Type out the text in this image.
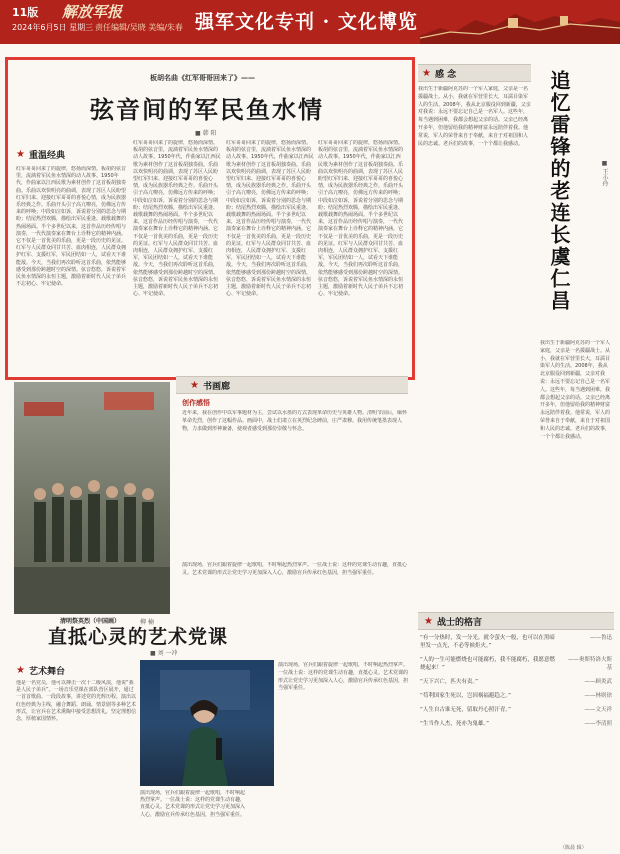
11版 解放军报
2024年6月5日 星期三 责任编辑/吴晓 美编/朱春 强军文化专刊 · 文化博览
板胡名曲《红军哥哥回来了》——
弦音间的军民鱼水情
■ 韩 阳
★ 重温经典
红军哥哥回来了的旋律，悠扬而深情。板胡的弦音里，流淌着军民鱼水情深的动人故事。1950年代，作曲家以江西民歌为素材创作了这首板胡独奏曲。乐曲以欢快明亮的曲调，表现了苏区人民盼望红军归来、迎接红军哥哥的喜悦心情，成为民族器乐经典之作。乐曲开头引子高亢嘹亮，仿佛远方传来的呼唤；中段如泣如诉，诉说着分别的思念与期盼；结尾热烈欢腾，描绘出军民重逢、载歌载舞的热闹场面。半个多世纪以来，这首作品历经传唱与演奏，一代代演奏家在舞台上诠释它的精神内涵。它不仅是一首优美的乐曲，更是一段历史的见证。红军与人民群众同甘共苦、血肉相连，人民群众拥护红军、支援红军，军民团结如一人，试看天下谁能敌。今天，当我们再次聆听这首乐曲，依然能够感受到那份跨越时空的深情。弦音悠悠，诉说着军民鱼水情深的永恒主题，激励着新时代人民子弟兵不忘初心、牢记使命。
红军哥哥回来了的旋律，悠扬而深情。板胡的弦音里，流淌着军民鱼水情深的动人故事。1950年代，作曲家以江西民歌为素材创作了这首板胡独奏曲。乐曲以欢快明亮的曲调，表现了苏区人民盼望红军归来、迎接红军哥哥的喜悦心情，成为民族器乐经典之作。乐曲开头引子高亢嘹亮，仿佛远方传来的呼唤；中段如泣如诉，诉说着分别的思念与期盼；结尾热烈欢腾，描绘出军民重逢、载歌载舞的热闹场面。半个多世纪以来，这首作品历经传唱与演奏，一代代演奏家在舞台上诠释它的精神内涵。它不仅是一首优美的乐曲，更是一段历史的见证。红军与人民群众同甘共苦、血肉相连，人民群众拥护红军、支援红军，军民团结如一人，试看天下谁能敌。今天，当我们再次聆听这首乐曲，依然能够感受到那份跨越时空的深情。弦音悠悠，诉说着军民鱼水情深的永恒主题，激励着新时代人民子弟兵不忘初心、牢记使命。
红军哥哥回来了的旋律，悠扬而深情。板胡的弦音里，流淌着军民鱼水情深的动人故事。1950年代，作曲家以江西民歌为素材创作了这首板胡独奏曲。乐曲以欢快明亮的曲调，表现了苏区人民盼望红军归来、迎接红军哥哥的喜悦心情，成为民族器乐经典之作。乐曲开头引子高亢嘹亮，仿佛远方传来的呼唤；中段如泣如诉，诉说着分别的思念与期盼；结尾热烈欢腾，描绘出军民重逢、载歌载舞的热闹场面。半个多世纪以来，这首作品历经传唱与演奏，一代代演奏家在舞台上诠释它的精神内涵。它不仅是一首优美的乐曲，更是一段历史的见证。红军与人民群众同甘共苦、血肉相连，人民群众拥护红军、支援红军，军民团结如一人，试看天下谁能敌。今天，当我们再次聆听这首乐曲，依然能够感受到那份跨越时空的深情。弦音悠悠，诉说着军民鱼水情深的永恒主题，激励着新时代人民子弟兵不忘初心、牢记使命。
红军哥哥回来了的旋律，悠扬而深情。板胡的弦音里，流淌着军民鱼水情深的动人故事。1950年代，作曲家以江西民歌为素材创作了这首板胡独奏曲。乐曲以欢快明亮的曲调，表现了苏区人民盼望红军归来、迎接红军哥哥的喜悦心情，成为民族器乐经典之作。乐曲开头引子高亢嘹亮，仿佛远方传来的呼唤；中段如泣如诉，诉说着分别的思念与期盼；结尾热烈欢腾，描绘出军民重逢、载歌载舞的热闹场面。半个多世纪以来，这首作品历经传唱与演奏，一代代演奏家在舞台上诠释它的精神内涵。它不仅是一首优美的乐曲，更是一段历史的见证。红军与人民群众同甘共苦、血肉相连，人民群众拥护红军、支援红军，军民团结如一人，试看天下谁能敌。今天，当我们再次聆听这首乐曲，依然能够感受到那份跨越时空的深情。弦音悠悠，诉说着军民鱼水情深的永恒主题，激励着新时代人民子弟兵不忘初心、牢记使命。
★ 感 念
我出生于新疆阿克苏的一个军人家庭，父亲是一名援疆战士。从小，我就在军营里长大，耳濡目染军人的生活。2008年，我从北京服役回到新疆，父亲对我说：永远不要忘记自己是一名军人。这些年，每当遇到困难，我都会想起父亲的话。父亲已经离开多年，但他留给我的精神财富永远陪伴着我。他常说，军人的荣誉来自于奉献，来自于对祖国和人民的忠诚。老兵们的故事，一个个都让我感动。	追忆雷锋的老连长虞仁昌	■ 王小玲
我出生于新疆阿克苏的一个军人家庭，父亲是一名援疆战士。从小，我就在军营里长大，耳濡目染军人的生活。2008年，我从北京服役回到新疆，父亲对我说：永远不要忘记自己是一名军人。这些年，每当遇到困难，我都会想起父亲的话。父亲已经离开多年，但他留给我的精神财富永远陪伴着我。他常说，军人的荣誉来自于奉献，来自于对祖国和人民的忠诚。老兵们的故事，一个个都让我感动。
清明祭英烈（中国画）	柳 楠
★ 书画廊
创作感悟
近年来，我在创作中以军事题材为主，尝试以水墨的方式表现革命历史与英雄人物。清明节前后，缅怀革命先烈，创作了这幅作品。画面中，战士们肃立在英烈纪念碑前，庄严肃穆。我用传统笔墨表现人物，力求做到形神兼备，使观者感受到那份崇敬与怀念。
演出现场，官兵们跟着旋律一起歌唱，不时响起热烈掌声。一位战士说：这样的党课生动有趣，直抵心灵。艺术党课的形式让党史学习更加深入人心，激励官兵传承红色基因，担当强军重任。
直抵心灵的艺术党课
■ 刘 一冲
★ 艺术舞台
他是一名党员，他可以搏击一次十二级风浪，他说“我是人民子弟兵”。一场音乐党课在部队营区展开，通过一首首歌曲、一段段故事，讲述党的光辉历程。演出以红色经典为主线，融合舞蹈、朗诵、情景剧等多种艺术形式，让官兵在艺术熏陶中接受思想洗礼，坚定理想信念，厚植家国情怀。
演出现场，官兵们跟着旋律一起歌唱，不时响起热烈掌声。一位战士说：这样的党课生动有趣，直抵心灵。艺术党课的形式让党史学习更加深入人心，激励官兵传承红色基因，担当强军重任。
演出现场，官兵们跟着旋律一起歌唱，不时响起热烈掌声。一位战士说：这样的党课生动有趣，直抵心灵。艺术党课的形式让党史学习更加深入人心，激励官兵传承红色基因，担当强军重任。
★ 战士的格言
“有一分热时，发一分光。就令萤火一般，也可以在黑暗里发一点光，不必等候炬火。”
——鲁迅
“人的一生可能燃烧也可能腐朽，我不能腐朽，我愿意燃烧起来！”
——奥斯特洛夫斯基
“天下兴亡，匹夫有责。”	——顾炎武
“苟利国家生死以，岂因祸福避趋之。”	——林则徐
“人生自古谁无死，留取丹心照汗青。”	——文天祥
“生当作人杰，死亦为鬼雄。”	——李清照
（陈晨 辑）
